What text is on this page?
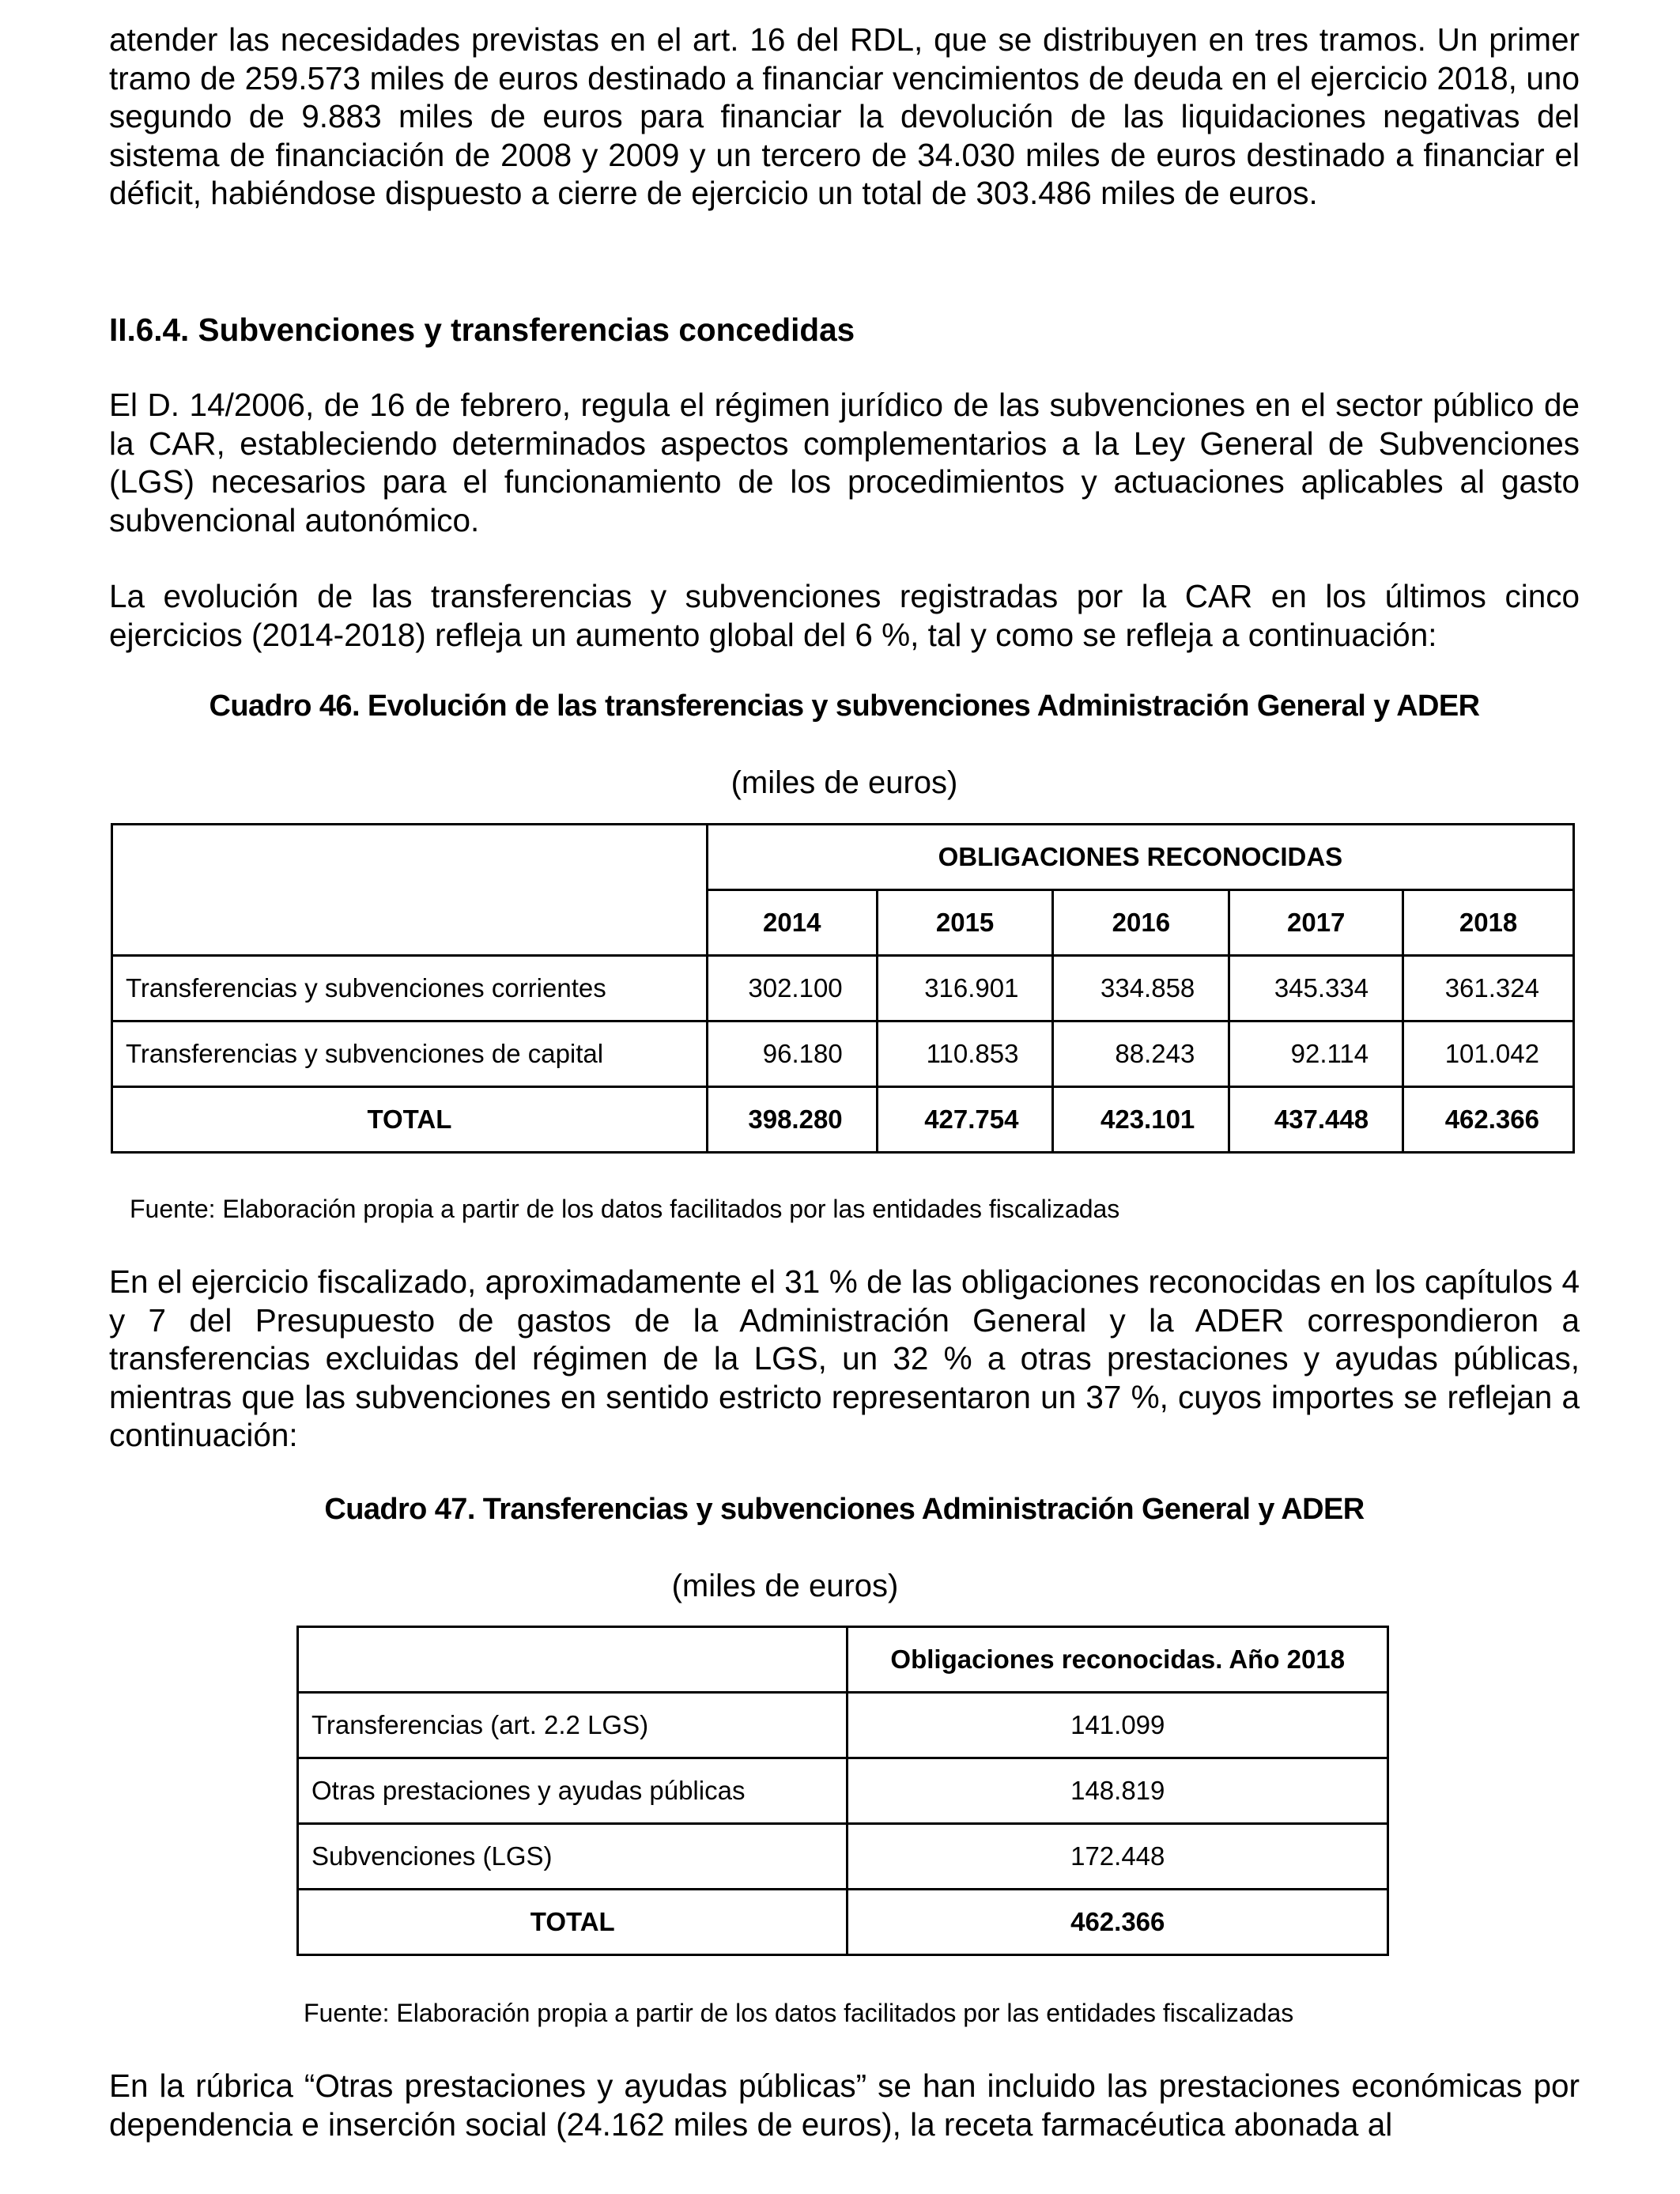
atender las necesidades previstas en el art. 16 del RDL, que se distribuyen en tres tramos. Un primer tramo de 259.573 miles de euros destinado a financiar vencimientos de deuda en el ejercicio 2018, uno segundo de 9.883 miles de euros para financiar la devolución de las liquidaciones negativas del sistema de financiación de 2008 y 2009 y un tercero de 34.030 miles de euros destinado a financiar el déficit, habiéndose dispuesto a cierre de ejercicio un total de 303.486 miles de euros.

II.6.4. Subvenciones y transferencias concedidas

El D. 14/2006, de 16 de febrero, regula el régimen jurídico de las subvenciones en el sector público de la CAR, estableciendo determinados aspectos complementarios a la Ley General de Subvenciones (LGS) necesarios para el funcionamiento de los procedimientos y actuaciones aplicables al gasto subvencional autonómico.

La evolución de las transferencias y subvenciones registradas por la CAR en los últimos cinco ejercicios (2014-2018) refleja un aumento global del 6 %, tal y como se refleja a continuación:

Cuadro 46. Evolución de las transferencias y subvenciones Administración General y ADER
(miles de euros)
	OBLIGACIONES RECONOCIDAS				
	2014	2015	2016	2017	2018
Transferencias y subvenciones corrientes	302.100	316.901	334.858	345.334	361.324
Transferencias y subvenciones de capital	96.180	110.853	88.243	92.114	101.042
TOTAL	398.280	427.754	423.101	437.448	462.366
Fuente: Elaboración propia a partir de los datos facilitados por las entidades fiscalizadas

En el ejercicio fiscalizado, aproximadamente el 31 % de las obligaciones reconocidas en los capítulos 4 y 7 del Presupuesto de gastos de la Administración General y la ADER correspondieron a transferencias excluidas del régimen de la LGS, un 32 % a otras prestaciones y ayudas públicas, mientras que las subvenciones en sentido estricto representaron un 37 %, cuyos importes se reflejan a continuación:

Cuadro 47. Transferencias y subvenciones Administración General y ADER
(miles de euros)
	Obligaciones reconocidas. Año 2018
Transferencias (art. 2.2 LGS)	141.099
Otras prestaciones y ayudas públicas	148.819
Subvenciones (LGS)	172.448
TOTAL	462.366
Fuente: Elaboración propia a partir de los datos facilitados por las entidades fiscalizadas

En la rúbrica “Otras prestaciones y ayudas públicas” se han incluido las prestaciones económicas por dependencia e inserción social (24.162 miles de euros), la receta farmacéutica abonada al
